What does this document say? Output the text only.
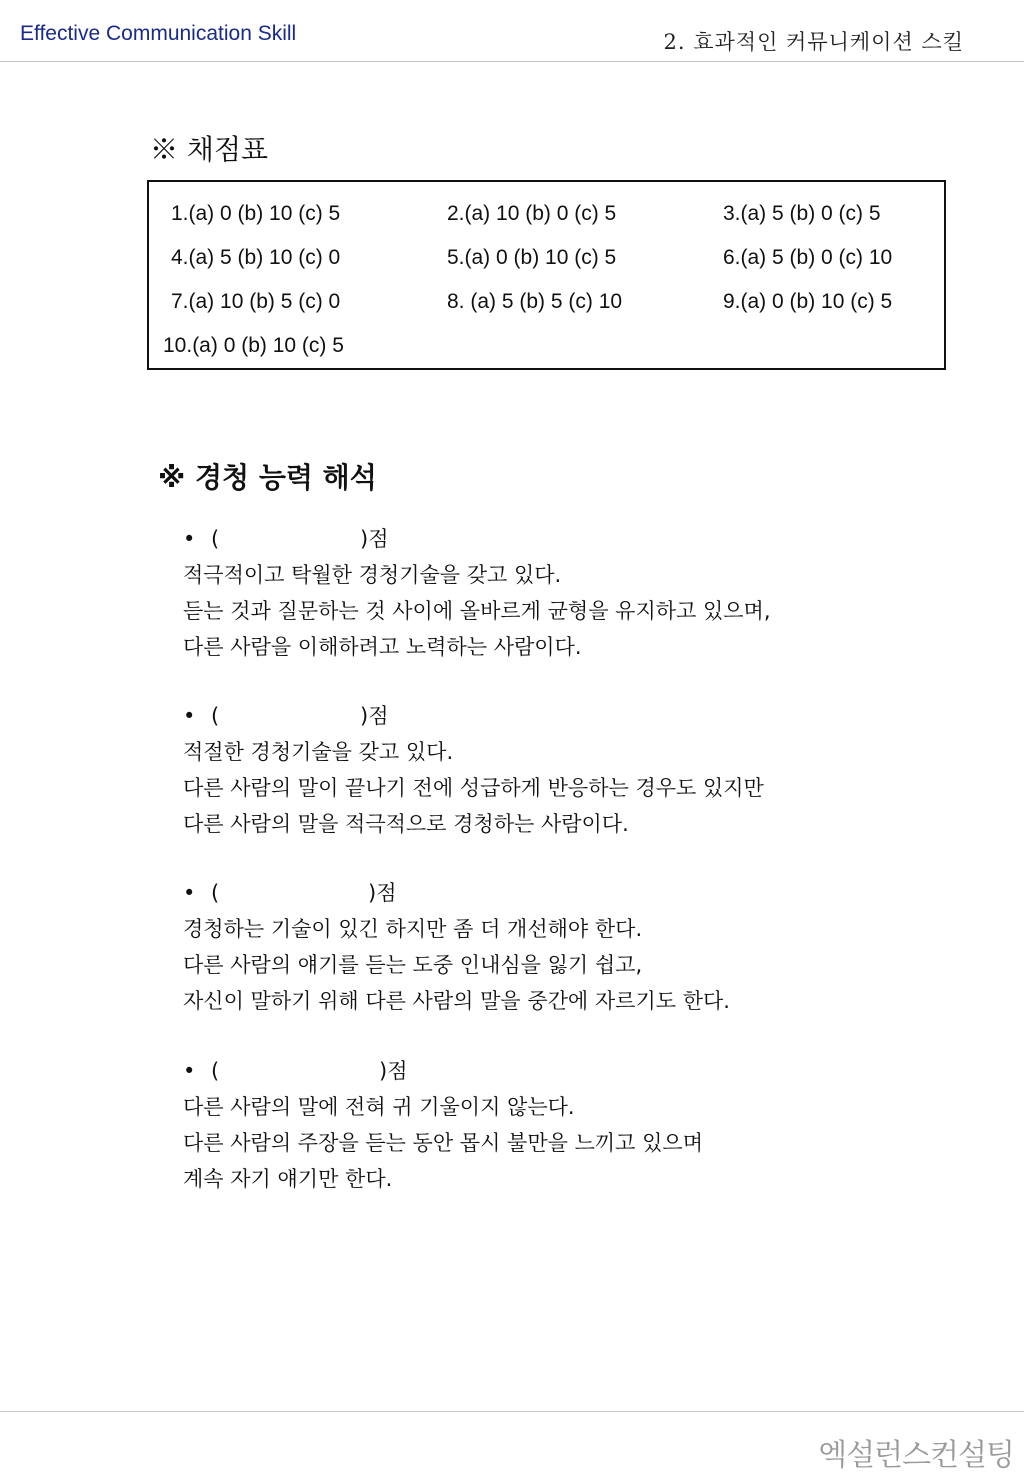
Effective Communication Skill	2. 효과적인 커뮤니케이션 스킬
※ 채점표
1.(a) 0 (b) 10 (c) 5	2.(a) 10 (b) 0 (c) 5	3.(a) 5 (b) 0 (c) 5
4.(a) 5 (b) 10 (c) 0	5.(a) 0 (b) 10 (c) 5	6.(a) 5 (b) 0 (c) 10
7.(a) 10 (b) 5 (c) 0	8. (a) 5 (b) 5 (c) 10	9.(a) 0 (b) 10 (c) 5
10.(a) 0 (b) 10 (c) 5
※ 경청 능력 해석
• (	)점
적극적이고 탁월한 경청기술을 갖고 있다.
듣는 것과 질문하는 것 사이에 올바르게 균형을 유지하고 있으며,
다른 사람을 이해하려고 노력하는 사람이다.
• (	)점
적절한 경청기술을 갖고 있다.
다른 사람의 말이 끝나기 전에 성급하게 반응하는 경우도 있지만
다른 사람의 말을 적극적으로 경청하는 사람이다.
• (	)점
경청하는 기술이 있긴 하지만 좀 더 개선해야 한다.
다른 사람의 얘기를 듣는 도중 인내심을 잃기 쉽고,
자신이 말하기 위해 다른 사람의 말을 중간에 자르기도 한다.
• (	)점
다른 사람의 말에 전혀 귀 기울이지 않는다.
다른 사람의 주장을 듣는 동안 몹시 불만을 느끼고 있으며
계속 자기 얘기만 한다.
엑설런스컨설팅
